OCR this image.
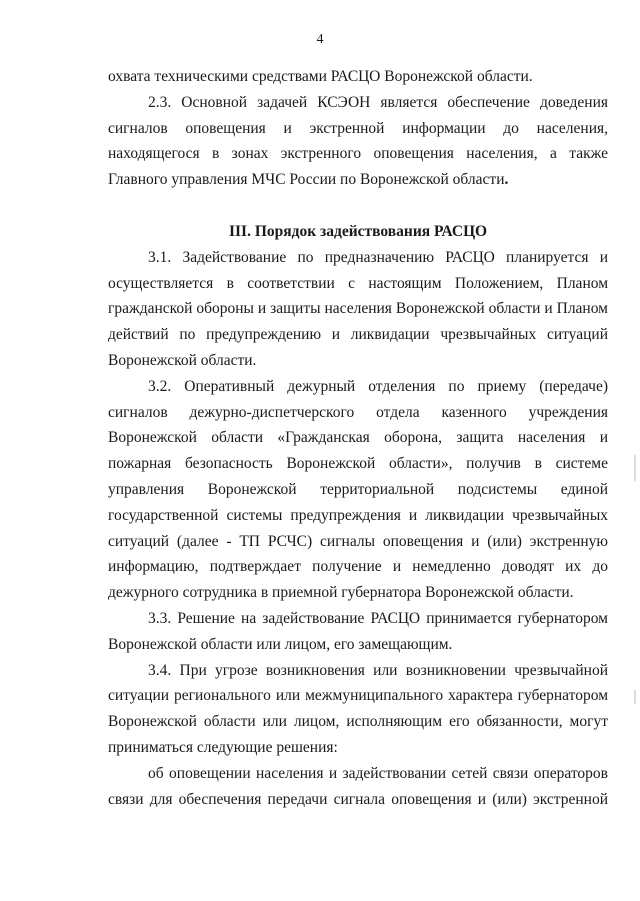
4

охвата техническими средствами РАСЦО Воронежской области.

2.3. Основной задачей КСЭОН является обеспечение доведения сигналов оповещения и экстренной информации до населения, находящегося в зонах экстренного оповещения населения, а также Главного управления МЧС России по Воронежской области.

III. Порядок задействования РАСЦО

3.1. Задействование по предназначению РАСЦО планируется и осуществляется в соответствии с настоящим Положением, Планом гражданской обороны и защиты населения Воронежской области и Планом действий по предупреждению и ликвидации чрезвычайных ситуаций Воронежской области.

3.2. Оперативный дежурный отделения по приему (передаче) сигналов дежурно-диспетчерского отдела казенного учреждения Воронежской области «Гражданская оборона, защита населения и пожарная безопасность Воронежской области», получив в системе управления Воронежской территориальной подсистемы единой государственной системы предупреждения и ликвидации чрезвычайных ситуаций (далее - ТП РСЧС) сигналы оповещения и (или) экстренную информацию, подтверждает получение и немедленно доводят их до дежурного сотрудника в приемной губернатора Воронежской области.

3.3. Решение на задействование РАСЦО принимается губернатором Воронежской области или лицом, его замещающим.

3.4. При угрозе возникновения или возникновении чрезвычайной ситуации регионального или межмуниципального характера губернатором Воронежской области или лицом, исполняющим его обязанности, могут приниматься следующие решения:

об оповещении населения и задействовании сетей связи операторов связи для обеспечения передачи сигнала оповещения и (или) экстренной
